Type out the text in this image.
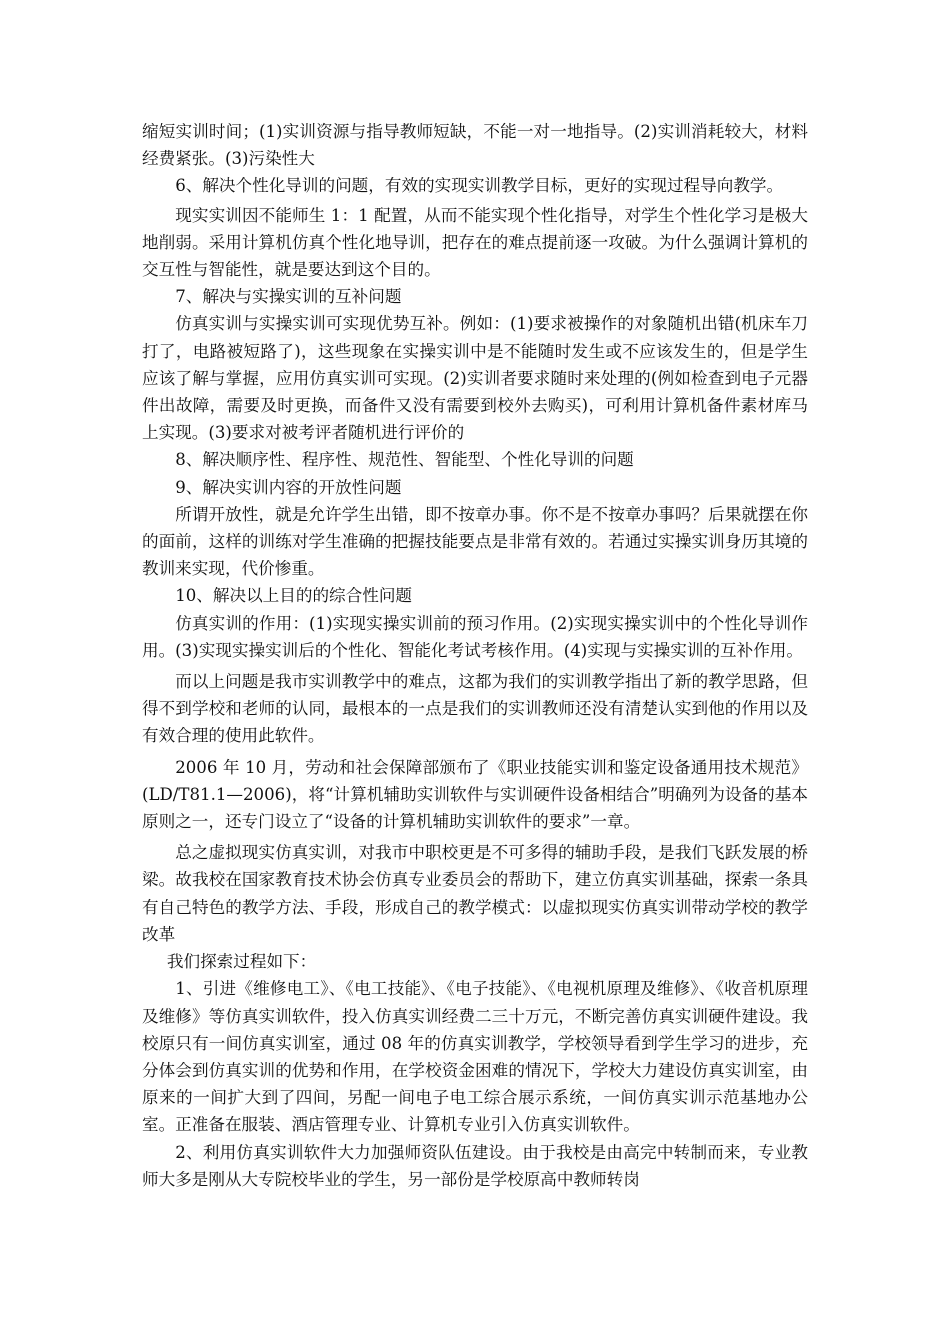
缩短实训时间；(1)实训资源与指导教师短缺，不能一对一地指导。(2)实训消耗较大，材料经费紧张。(3)污染性大

6、解决个性化导训的问题，有效的实现实训教学目标，更好的实现过程导向教学。

现实实训因不能师生 1：1 配置，从而不能实现个性化指导，对学生个性化学习是极大地削弱。采用计算机仿真个性化地导训，把存在的难点提前逐一攻破。为什么强调计算机的交互性与智能性，就是要达到这个目的。

7、解决与实操实训的互补问题

仿真实训与实操实训可实现优势互补。例如：(1)要求被操作的对象随机出错(机床车刀打了，电路被短路了)，这些现象在实操实训中是不能随时发生或不应该发生的，但是学生应该了解与掌握，应用仿真实训可实现。(2)实训者要求随时来处理的(例如检查到电子元器件出故障，需要及时更换，而备件又没有需要到校外去购买)，可利用计算机备件素材库马上实现。(3)要求对被考评者随机进行评价的

8、解决顺序性、程序性、规范性、智能型、个性化导训的问题

9、解决实训内容的开放性问题

所谓开放性，就是允许学生出错，即不按章办事。你不是不按章办事吗？后果就摆在你的面前，这样的训练对学生准确的把握技能要点是非常有效的。若通过实操实训身历其境的教训来实现，代价惨重。

10、解决以上目的的综合性问题

仿真实训的作用：(1)实现实操实训前的预习作用。(2)实现实操实训中的个性化导训作用。(3)实现实操实训后的个性化、智能化考试考核作用。(4)实现与实操实训的互补作用。

而以上问题是我市实训教学中的难点，这都为我们的实训教学指出了新的教学思路，但得不到学校和老师的认同，最根本的一点是我们的实训教师还没有清楚认实到他的作用以及有效合理的使用此软件。

2006 年 10 月，劳动和社会保障部颁布了《职业技能实训和鉴定设备通用技术规范》(LD/T81.1—2006)，将“计算机辅助实训软件与实训硬件设备相结合”明确列为设备的基本原则之一，还专门设立了“设备的计算机辅助实训软件的要求”一章。

总之虚拟现实仿真实训，对我市中职校更是不可多得的辅助手段，是我们飞跃发展的桥梁。故我校在国家教育技术协会仿真专业委员会的帮助下，建立仿真实训基础，探索一条具有自己特色的教学方法、手段，形成自己的教学模式：以虚拟现实仿真实训带动学校的教学改革

我们探索过程如下：

1、引进《维修电工》、《电工技能》、《电子技能》、《电视机原理及维修》、《收音机原理及维修》等仿真实训软件，投入仿真实训经费二三十万元，不断完善仿真实训硬件建设。我校原只有一间仿真实训室，通过 08 年的仿真实训教学，学校领导看到学生学习的进步，充分体会到仿真实训的优势和作用，在学校资金困难的情况下，学校大力建设仿真实训室，由原来的一间扩大到了四间，另配一间电子电工综合展示系统，一间仿真实训示范基地办公室。正准备在服装、酒店管理专业、计算机专业引入仿真实训软件。

2、利用仿真实训软件大力加强师资队伍建设。由于我校是由高完中转制而来，专业教师大多是刚从大专院校毕业的学生，另一部份是学校原高中教师转岗
